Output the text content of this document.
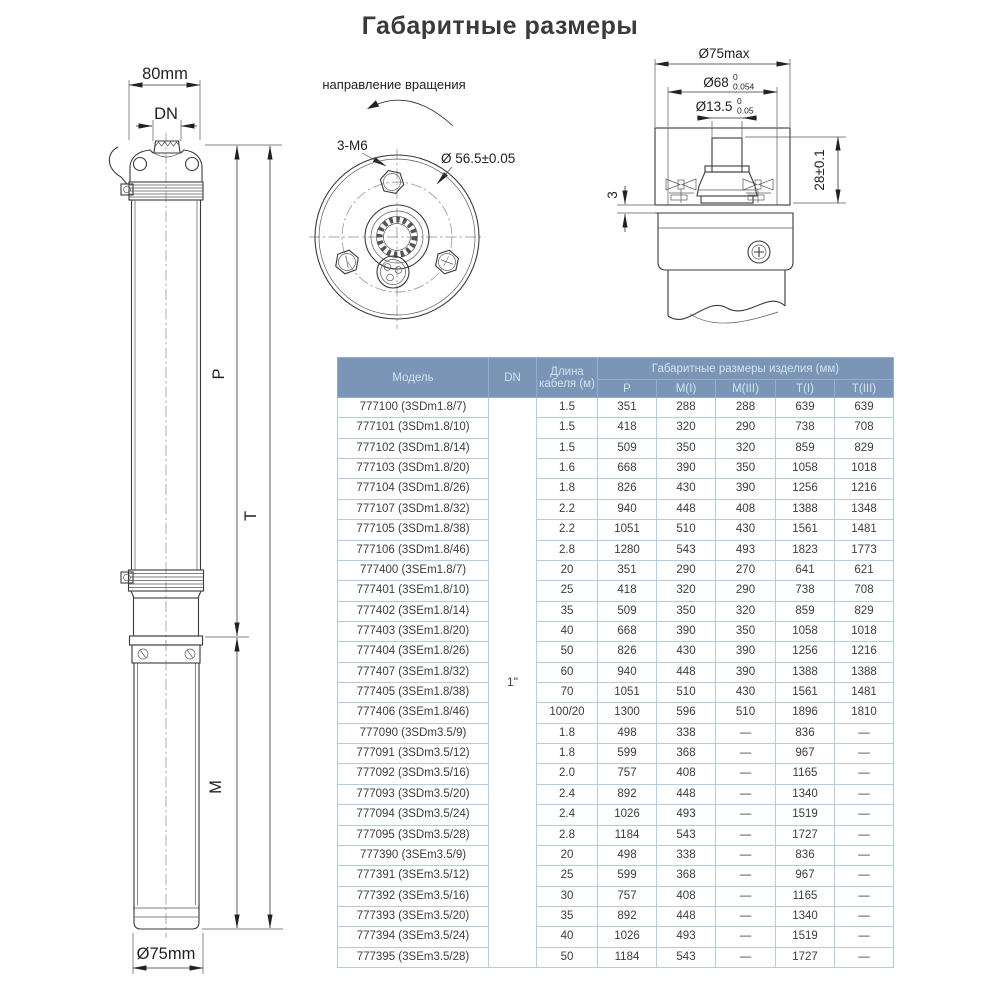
Габаритные размеры
80mm
DN
P
T
M
Ø75mm
направление вращения
3-M6
Ø 56.5±0.05
Ø75max
Ø68 0
0.054
Ø13.5 0
0.05
28±0.1
3
Модель	DN	Длина кабеля (м)	Габаритные размеры изделия (мм)				
			P	M(I)	M(III)	T(I)	T(III)
777100 (3SDm1.8/7)	1"	1.5	351	288	288	639	639
777101 (3SDm1.8/10)		1.5	418	320	290	738	708
777102 (3SDm1.8/14)		1.5	509	350	320	859	829
777103 (3SDm1.8/20)		1.6	668	390	350	1058	1018
777104 (3SDm1.8/26)		1.8	826	430	390	1256	1216
777107 (3SDm1.8/32)		2.2	940	448	408	1388	1348
777105 (3SDm1.8/38)		2.2	1051	510	430	1561	1481
777106 (3SDm1.8/46)		2.8	1280	543	493	1823	1773
777400 (3SEm1.8/7)		20	351	290	270	641	621
777401 (3SEm1.8/10)		25	418	320	290	738	708
777402 (3SEm1.8/14)		35	509	350	320	859	829
777403 (3SEm1.8/20)		40	668	390	350	1058	1018
777404 (3SEm1.8/26)		50	826	430	390	1256	1216
777407 (3SEm1.8/32)		60	940	448	390	1388	1388
777405 (3SEm1.8/38)		70	1051	510	430	1561	1481
777406 (3SEm1.8/46)		100/20	1300	596	510	1896	1810
777090 (3SDm3.5/9)		1.8	498	338	—	836	—
777091 (3SDm3.5/12)		1.8	599	368	—	967	—
777092 (3SDm3.5/16)		2.0	757	408	—	1165	—
777093 (3SDm3.5/20)		2.4	892	448	—	1340	—
777094 (3SDm3.5/24)		2.4	1026	493	—	1519	—
777095 (3SDm3.5/28)		2.8	1184	543	—	1727	—
777390 (3SEm3.5/9)		20	498	338	—	836	—
777391 (3SEm3.5/12)		25	599	368	—	967	—
777392 (3SEm3.5/16)		30	757	408	—	1165	—
777393 (3SEm3.5/20)		35	892	448	—	1340	—
777394 (3SEm3.5/24)		40	1026	493	—	1519	—
777395 (3SEm3.5/28)		50	1184	543	—	1727	—
